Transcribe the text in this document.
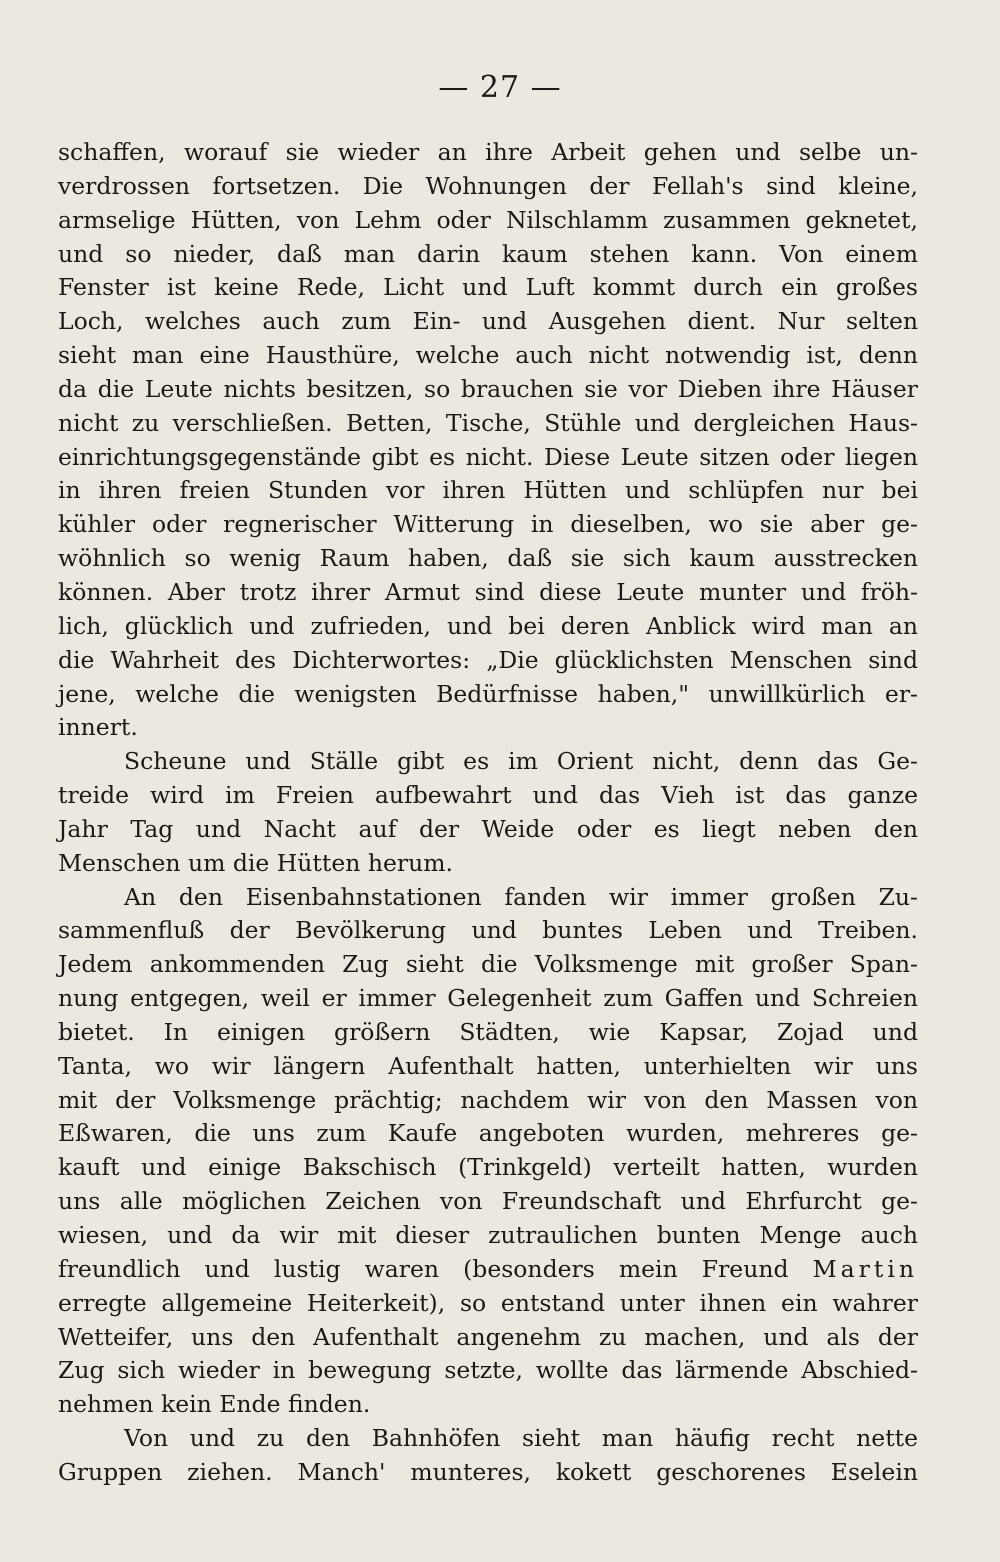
— 27 —
schaffen, worauf sie wieder an ihre Arbeit gehen und selbe un-
verdrossen fortsetzen. Die Wohnungen der Fellah's sind kleine,
armselige Hütten, von Lehm oder Nilschlamm zusammen geknetet,
und so nieder, daß man darin kaum stehen kann. Von einem
Fenster ist keine Rede, Licht und Luft kommt durch ein großes
Loch, welches auch zum Ein- und Ausgehen dient. Nur selten
sieht man eine Hausthüre, welche auch nicht notwendig ist, denn
da die Leute nichts besitzen, so brauchen sie vor Dieben ihre Häuser
nicht zu verschließen. Betten, Tische, Stühle und dergleichen Haus-
einrichtungsgegenstände gibt es nicht. Diese Leute sitzen oder liegen
in ihren freien Stunden vor ihren Hütten und schlüpfen nur bei
kühler oder regnerischer Witterung in dieselben, wo sie aber ge-
wöhnlich so wenig Raum haben, daß sie sich kaum ausstrecken
können. Aber trotz ihrer Armut sind diese Leute munter und fröh-
lich, glücklich und zufrieden, und bei deren Anblick wird man an
die Wahrheit des Dichterwortes: „Die glücklichsten Menschen sind
jene, welche die wenigsten Bedürfnisse haben," unwillkürlich er-
innert.
Scheune und Ställe gibt es im Orient nicht, denn das Ge-
treide wird im Freien aufbewahrt und das Vieh ist das ganze
Jahr Tag und Nacht auf der Weide oder es liegt neben den
Menschen um die Hütten herum.
An den Eisenbahnstationen fanden wir immer großen Zu-
sammenfluß der Bevölkerung und buntes Leben und Treiben.
Jedem ankommenden Zug sieht die Volksmenge mit großer Span-
nung entgegen, weil er immer Gelegenheit zum Gaffen und Schreien
bietet. In einigen größern Städten, wie Kapsar, Zojad und
Tanta, wo wir längern Aufenthalt hatten, unterhielten wir uns
mit der Volksmenge prächtig; nachdem wir von den Massen von
Eßwaren, die uns zum Kaufe angeboten wurden, mehreres ge-
kauft und einige Bakschisch (Trinkgeld) verteilt hatten, wurden
uns alle möglichen Zeichen von Freundschaft und Ehrfurcht ge-
wiesen, und da wir mit dieser zutraulichen bunten Menge auch
freundlich und lustig waren (besonders mein Freund Martin
erregte allgemeine Heiterkeit), so entstand unter ihnen ein wahrer
Wetteifer, uns den Aufenthalt angenehm zu machen, und als der
Zug sich wieder in bewegung setzte, wollte das lärmende Abschied-
nehmen kein Ende finden.
Von und zu den Bahnhöfen sieht man häufig recht nette
Gruppen ziehen. Manch' munteres, kokett geschorenes Eselein
